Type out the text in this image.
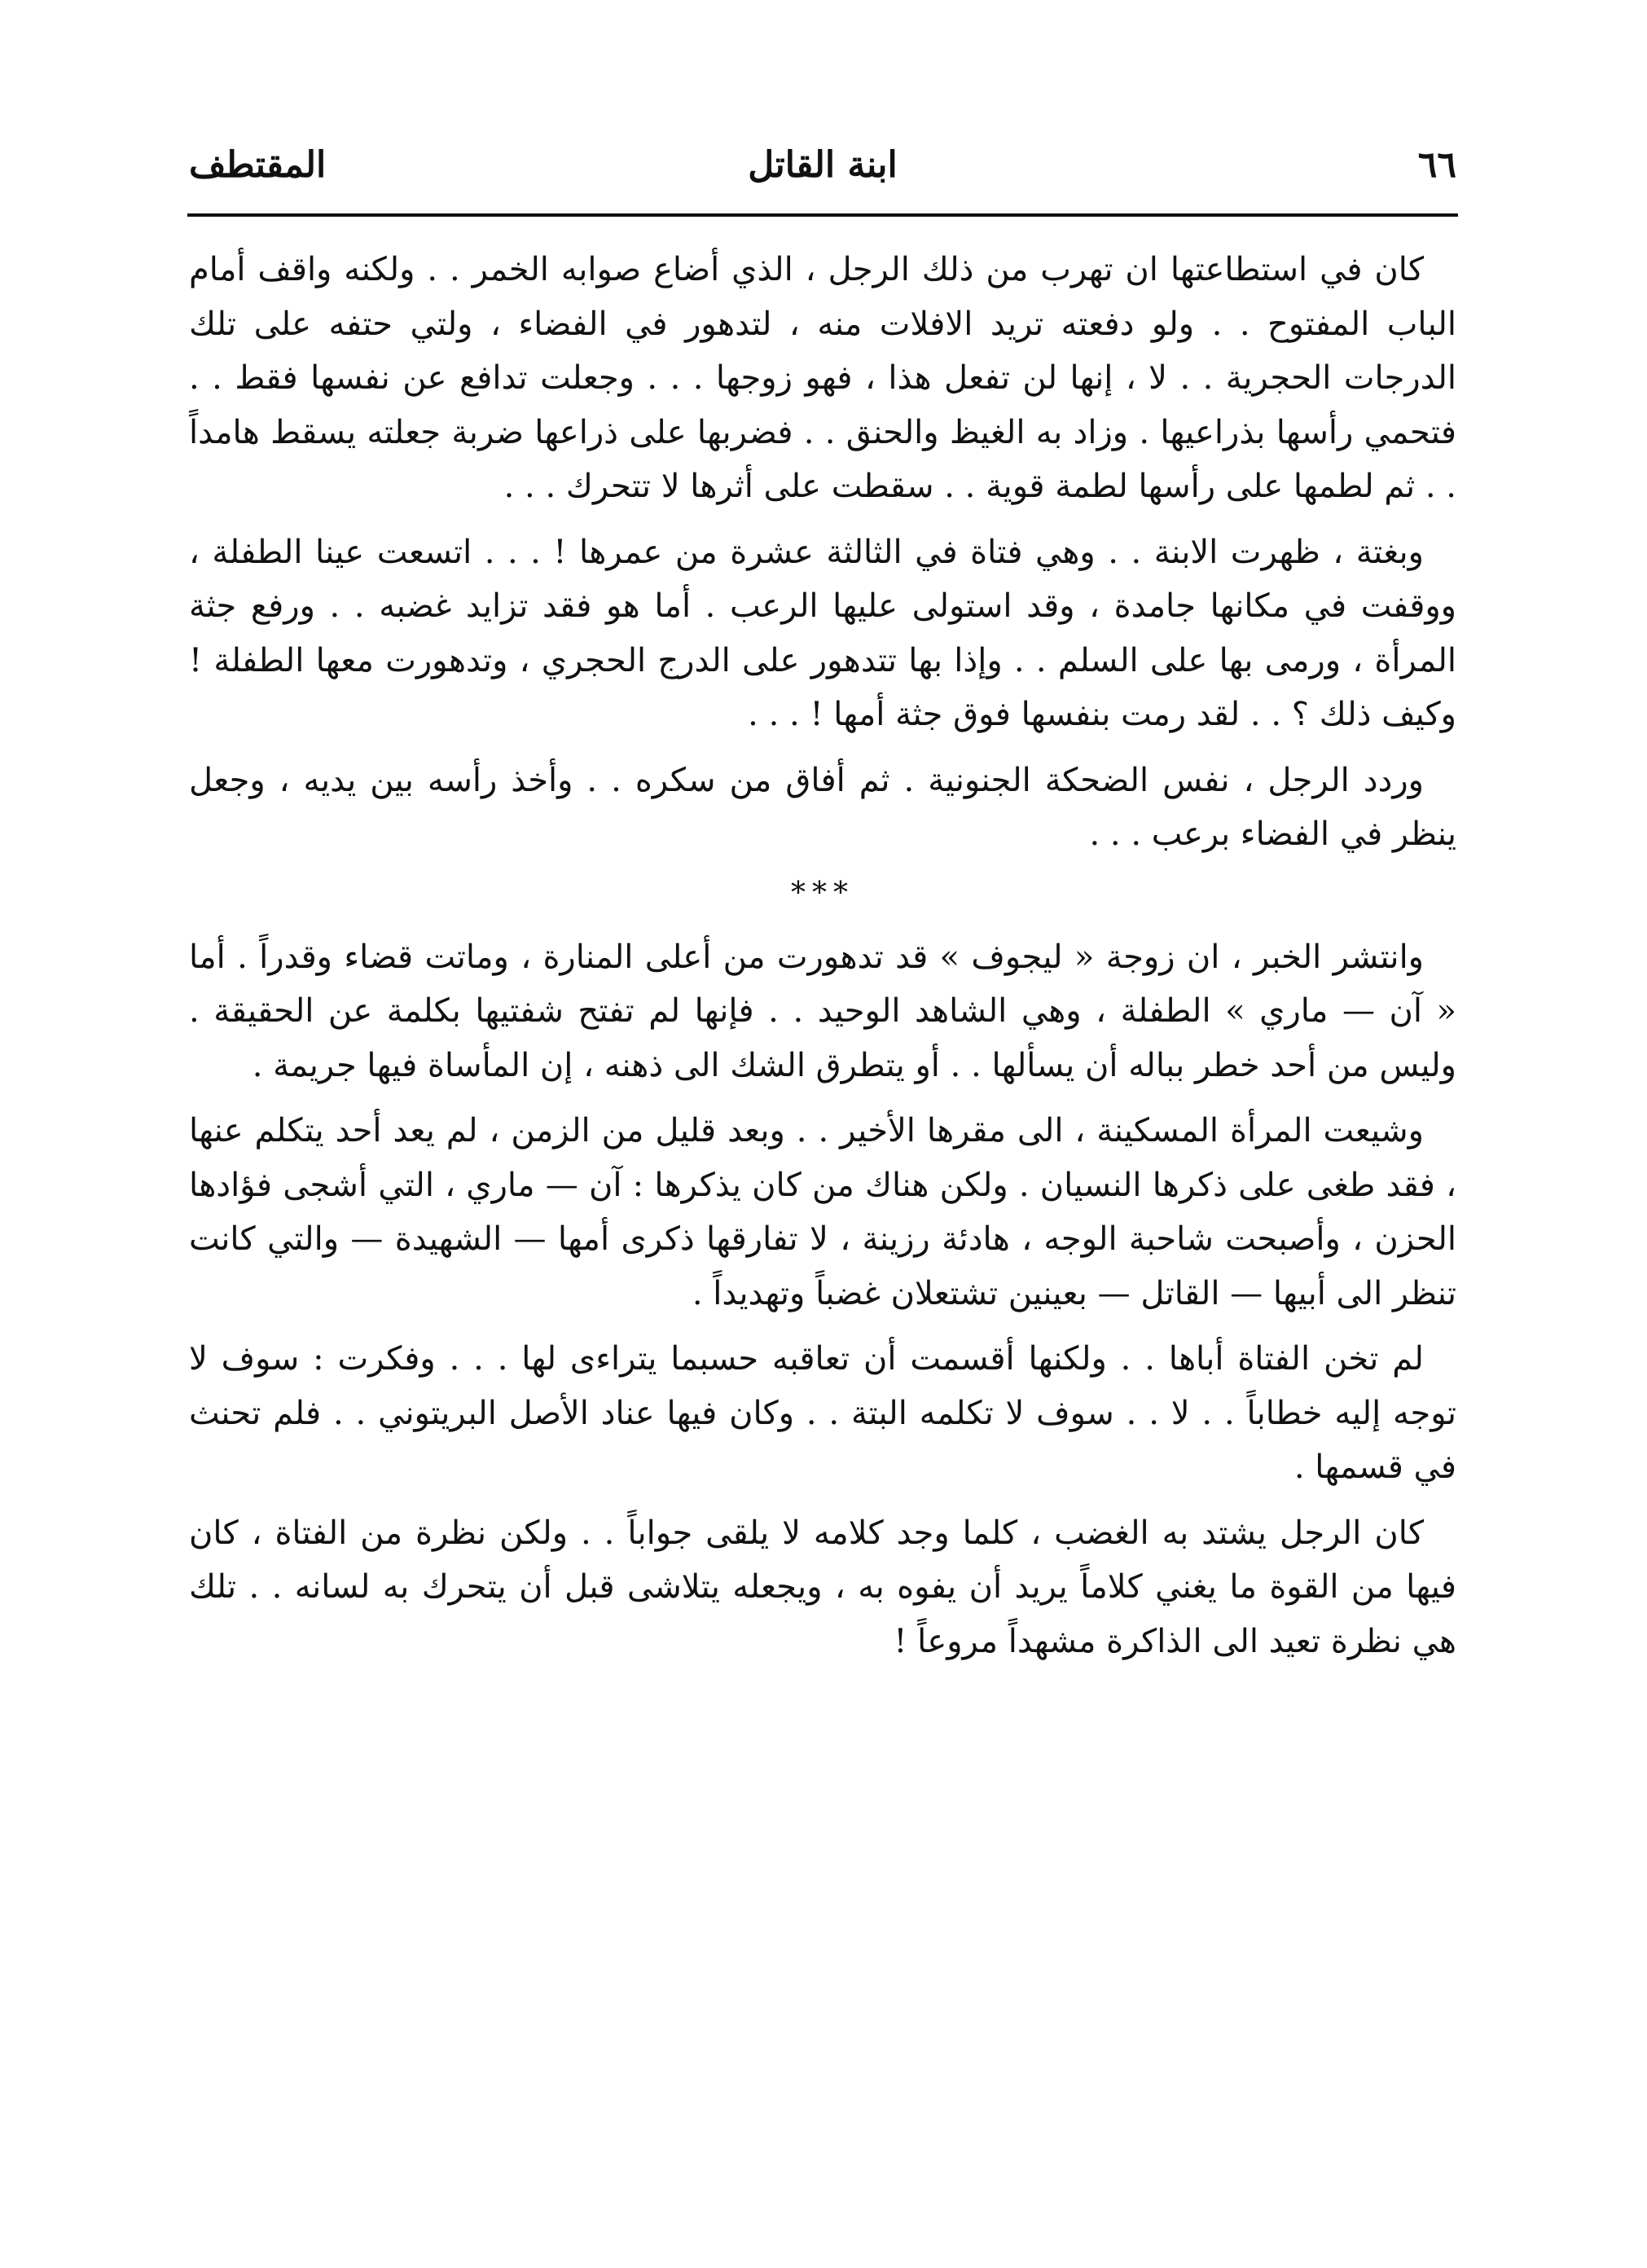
٦٦
ابنة القاتل
المقتطف

كان في استطاعتها ان تهرب من ذلك الرجل ، الذي أضاع صوابه الخمر . . ولكنه واقف أمام الباب المفتوح . . ولو دفعته تريد الافلات منه ، لتدهور في الفضاء ، ولتي حتفه على تلك الدرجات الحجرية . . لا ، إنها لن تفعل هذا ، فهو زوجها . . . وجعلت تدافع عن نفسها فقط . . فتحمي رأسها بذراعيها . وزاد به الغيظ والحنق . . فضربها على ذراعها ضربة جعلته يسقط هامداً . . ثم لطمها على رأسها لطمة قوية . . سقطت على أثرها لا تتحرك . . .

وبغتة ، ظهرت الابنة . . وهي فتاة في الثالثة عشرة من عمرها ! . . . اتسعت عينا الطفلة ، ووقفت في مكانها جامدة ، وقد استولى عليها الرعب . أما هو فقد تزايد غضبه . . ورفع جثة المرأة ، ورمى بها على السلم . . وإذا بها تتدهور على الدرج الحجري ، وتدهورت معها الطفلة ! وكيف ذلك ؟ . . لقد رمت بنفسها فوق جثة أمها ! . . .

وردد الرجل ، نفس الضحكة الجنونية . ثم أفاق من سكره . . وأخذ رأسه بين يديه ، وجعل ينظر في الفضاء برعب . . .

***

وانتشر الخبر ، ان زوجة « ليجوف » قد تدهورت من أعلى المنارة ، وماتت قضاء وقدراً . أما « آن — ماري » الطفلة ، وهي الشاهد الوحيد . . فإنها لم تفتح شفتيها بكلمة عن الحقيقة . وليس من أحد خطر بباله أن يسألها . . أو يتطرق الشك الى ذهنه ، إن المأساة فيها جريمة .

وشيعت المرأة المسكينة ، الى مقرها الأخير . . وبعد قليل من الزمن ، لم يعد أحد يتكلم عنها ، فقد طغى على ذكرها النسيان . ولكن هناك من كان يذكرها : آن — ماري ، التي أشجى فؤادها الحزن ، وأصبحت شاحبة الوجه ، هادئة رزينة ، لا تفارقها ذكرى أمها — الشهيدة — والتي كانت تنظر الى أبيها — القاتل — بعينين تشتعلان غضباً وتهديداً .

لم تخن الفتاة أباها . . ولكنها أقسمت أن تعاقبه حسبما يتراءى لها . . . وفكرت : سوف لا توجه إليه خطاباً . . لا . . سوف لا تكلمه البتة . . وكان فيها عناد الأصل البريتوني . . فلم تحنث في قسمها .

كان الرجل يشتد به الغضب ، كلما وجد كلامه لا يلقى جواباً . . ولكن نظرة من الفتاة ، كان فيها من القوة ما يغني كلاماً يريد أن يفوه به ، ويجعله يتلاشى قبل أن يتحرك به لسانه . . تلك هي نظرة تعيد الى الذاكرة مشهداً مروعاً !
